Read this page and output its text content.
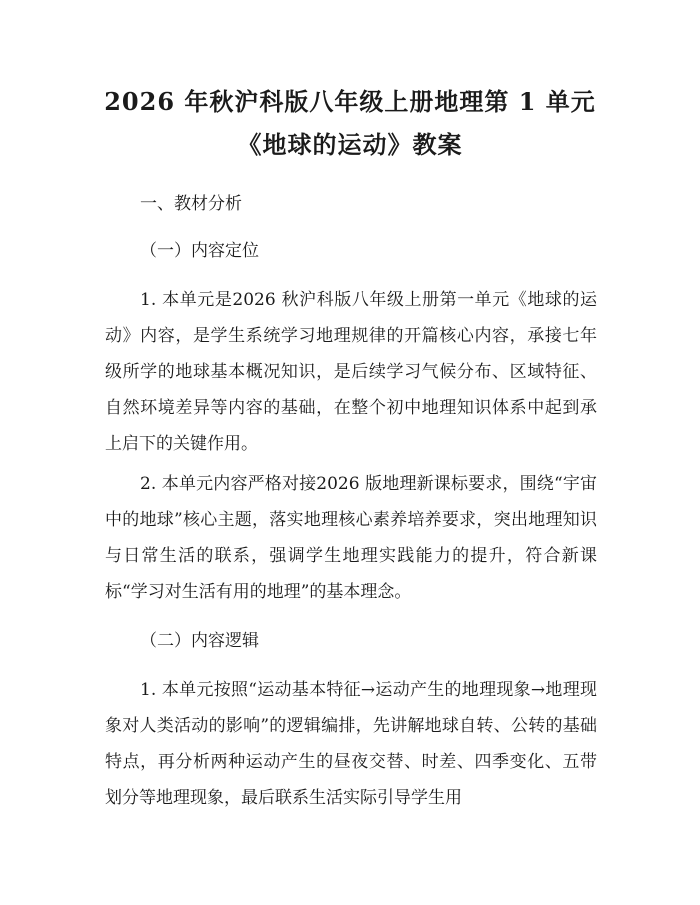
2026 年秋沪科版八年级上册地理第 1 单元
《地球的运动》教案

一、教材分析

（一）内容定位

1. 本单元是2026 秋沪科版八年级上册第一单元《地球的运动》内容，是学生系统学习地理规律的开篇核心内容，承接七年级所学的地球基本概况知识，是后续学习气候分布、区域特征、自然环境差异等内容的基础，在整个初中地理知识体系中起到承上启下的关键作用。

2. 本单元内容严格对接2026 版地理新课标要求，围绕“宇宙中的地球”核心主题，落实地理核心素养培养要求，突出地理知识与日常生活的联系，强调学生地理实践能力的提升，符合新课标“学习对生活有用的地理”的基本理念。

（二）内容逻辑

1. 本单元按照“运动基本特征→运动产生的地理现象→地理现象对人类活动的影响”的逻辑编排，先讲解地球自转、公转的基础特点，再分析两种运动产生的昼夜交替、时差、四季变化、五带划分等地理现象，最后联系生活实际引导学生用
